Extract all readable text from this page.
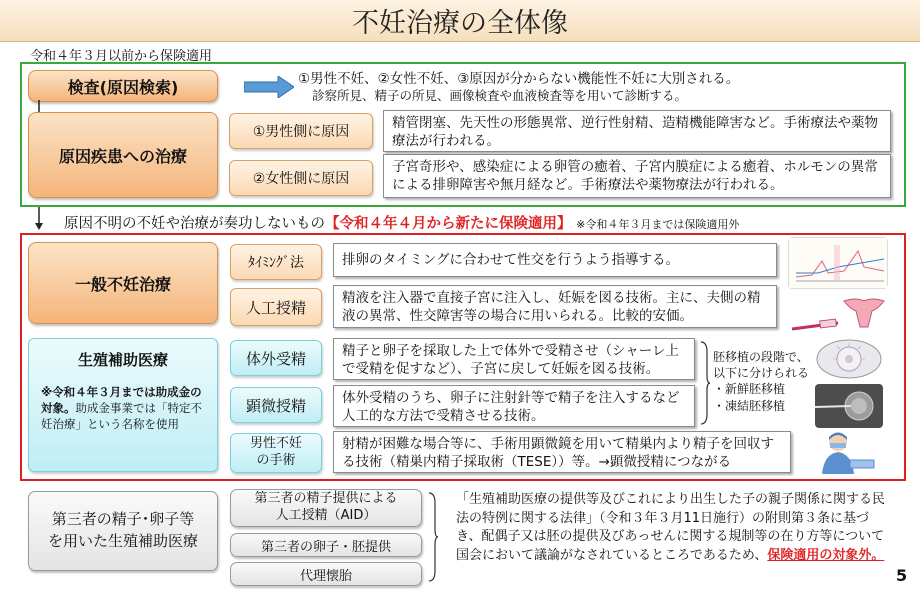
不妊治療の全体像
令和４年３月以前から保険適用
検査(原因検索)	①男性不妊、②女性不妊、③原因が分からない機能性不妊に大別される。
診察所見、精子の所見、画像検査や血液検査等を用いて診断する。
原因疾患への治療
①男性側に原因
精管閉塞、先天性の形態異常、逆行性射精、造精機能障害など。手術療法や薬物療法が行われる。
②女性側に原因
子宮奇形や、感染症による卵管の癒着、子宮内膜症による癒着、ホルモンの異常による排卵障害や無月経など。手術療法や薬物療法が行われる。
原因不明の不妊や治療が奏功しないもの【令和４年４月から新たに保険適用】 ※令和４年３月までは保険適用外
一般不妊治療
ﾀｲﾐﾝｸﾞ法	排卵のタイミングに合わせて性交を行うよう指導する。
人工授精
精液を注入器で直接子宮に注入し、妊娠を図る技術。主に、夫側の精液の異常、性交障害等の場合に用いられる。比較的安価。
生殖補助医療
※令和４年３月までは助成金の対象。助成金事業では「特定不妊治療」という名称を使用
体外受精	精子と卵子を採取した上で体外で受精させ（シャーレ上で受精を促すなど）、子宮に戻して妊娠を図る技術。
顕微授精	体外受精のうち、卵子に注射針等で精子を注入するなど人工的な方法で受精させる技術。
男性不妊
の手術
射精が困難な場合等に、手術用顕微鏡を用いて精巣内より精子を回収する技術（精巣内精子採取術（TESE））等。→顕微授精につながる
胚移植の段階で、
以下に分けられる
・新鮮胚移植
・凍結胚移植
第三者の精子･卵子等
を用いた生殖補助医療
第三者の精子提供による
人工授精（AID）
第三者の卵子・胚提供
代理懐胎
「生殖補助医療の提供等及びこれにより出生した子の親子関係に関する民法の特例に関する法律」（令和３年３月11日施行）の附則第３条に基づき、配偶子又は胚の提供及びあっせんに関する規制等の在り方等について国会において議論がなされているところであるため、保険適用の対象外。
5
